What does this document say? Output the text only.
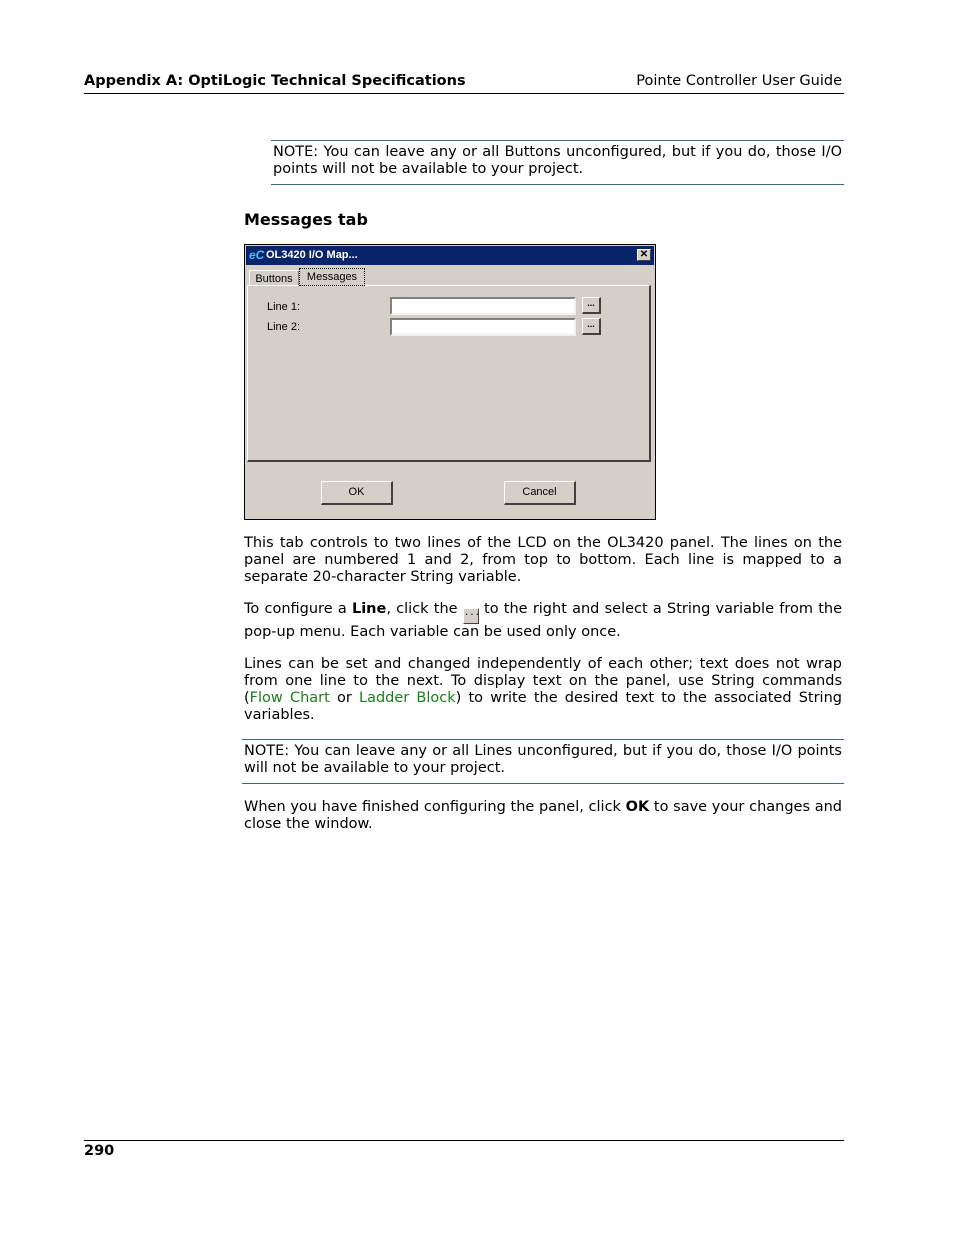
Appendix A: OptiLogic Technical Specifications	Pointe Controller User Guide
NOTE: You can leave any or all Buttons unconfigured, but if you do, those I/O points will not be available to your project.
Messages tab
eC OL3420 I/O Map...	✕
Buttons	Messages
Line 1:
Line 2:
...
...
OK	Cancel
This tab controls to two lines of the LCD on the OL3420 panel. The lines on the panel are numbered 1 and 2, from top to bottom. Each line is mapped to a separate 20-character String variable.
To configure a Line, click the ... to the right and select a String variable from the pop-up menu. Each variable can be used only once.
Lines can be set and changed independently of each other; text does not wrap from one line to the next. To display text on the panel, use String commands (Flow Chart or Ladder Block) to write the desired text to the associated String variables.
NOTE: You can leave any or all Lines unconfigured, but if you do, those I/O points will not be available to your project.
When you have finished configuring the panel, click OK to save your changes and close the window.
290
